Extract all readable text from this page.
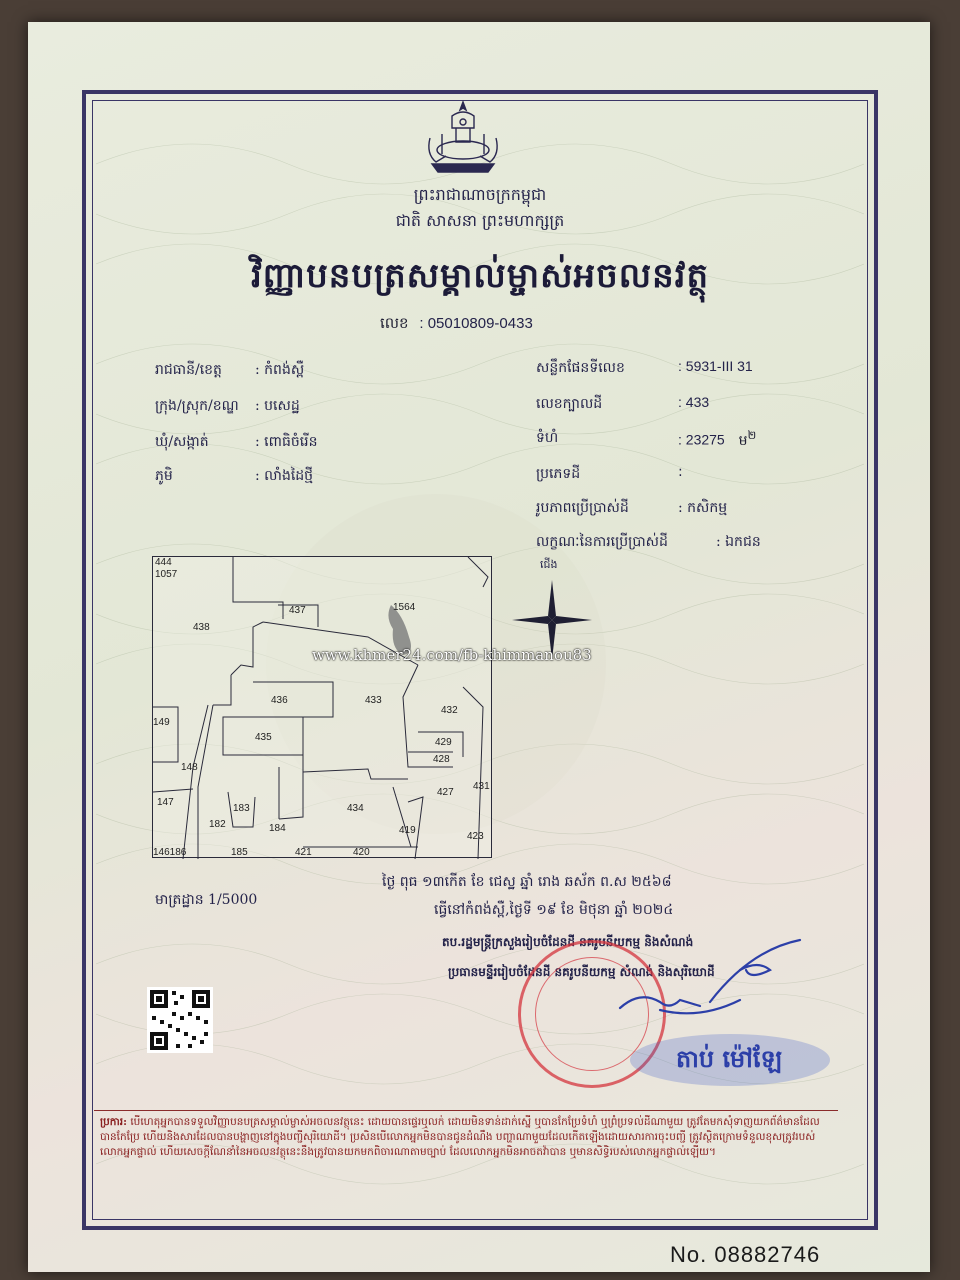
ព្រះរាជាណាចក្រកម្ពុជា
ជាតិ សាសនា ព្រះមហាក្សត្រ
វិញ្ញាបនបត្រសម្គាល់ម្ចាស់អចលនវត្ថុ
លេខ : 05010809-0433
រាជធានី/ខេត្ត : កំពង់ស្ពឺ
ក្រុង/ស្រុក/ខណ្ឌ : បសេដ្ឋ
ឃុំ/សង្កាត់	: ពោធិចំរើន
ភូមិ	: លាំងដៃថ្មី
សន្លឹកផែនទីលេខ	: 5931-III 31
លេខក្បាលដី	: 433
ទំហំ	: 23275 ម$^២$
ប្រភេទដី	:
រូបភាពប្រើប្រាស់ដី	: កសិកម្ម
លក្ខណៈនៃការប្រើប្រាស់ដី	: ឯកជន
444
1057
437
438
1564
436	433
432
149
435	429
428
148
431
147
183	434
427
182	184	419
423
146186	185	421	420
ជើង
www.khmer24.com/fb-khimmanou83
មាត្រដ្ឋាន 1/5000
ថ្ងៃ ពុធ ១៣កើត ខែ ជេស្ឋ ឆ្នាំ រោង ឆស័ក ព.ស ២៥៦៨
ធ្វើនៅកំពង់ស្ពឺ,ថ្ងៃទី ១៩ ខែ មិថុនា ឆ្នាំ ២០២៤
តប.រដ្ឋមន្ត្រីក្រសួងរៀបចំដែនដី នគរូបនីយកម្ម និងសំណង់
ប្រធានមន្ទីររៀបចំដែនដី នគរូបនីយកម្ម សំណង់ និងសុរិយោដី
តាប់ ម៉ៅឡែ
ប្រការ: បើហេតុអ្នកបានទទួលវិញ្ញាបនបត្រសម្គាល់ម្ចាស់អចលនវត្ថុនេះ ដោយបានផ្ទេរឬលក់ ដោយមិនទាន់ដាក់ស្នើ ឬបានកែប្រែទំហំ ឬព្រំប្រទល់ដីណាមួយ ត្រូវតែមកសុំទាញយកព័ត៌មានដែលបានកែប្រែ ហើយនិងសារដែលបានបង្ហាញនៅក្នុងបញ្ជីសុរិយោដី។ ប្រសិនបើលោកអ្នកមិនបានជូនដំណឹង បញ្ហាណាមួយដែលកើតឡើងដោយសារការចុះបញ្ជី ត្រូវស្ថិតក្រោមទំនួលខុសត្រូវរបស់លោកអ្នកផ្ទាល់ ហើយសេចក្តីណែនាំនៃអចលនវត្ថុនេះនឹងត្រូវបានយកមកពិចារណាតាមច្បាប់ ដែលលោកអ្នកមិនអាចតវ៉ាបាន ឬមានសិទ្ធិរបស់លោកអ្នកផ្ទាល់ឡើយ។
No. 08882746
